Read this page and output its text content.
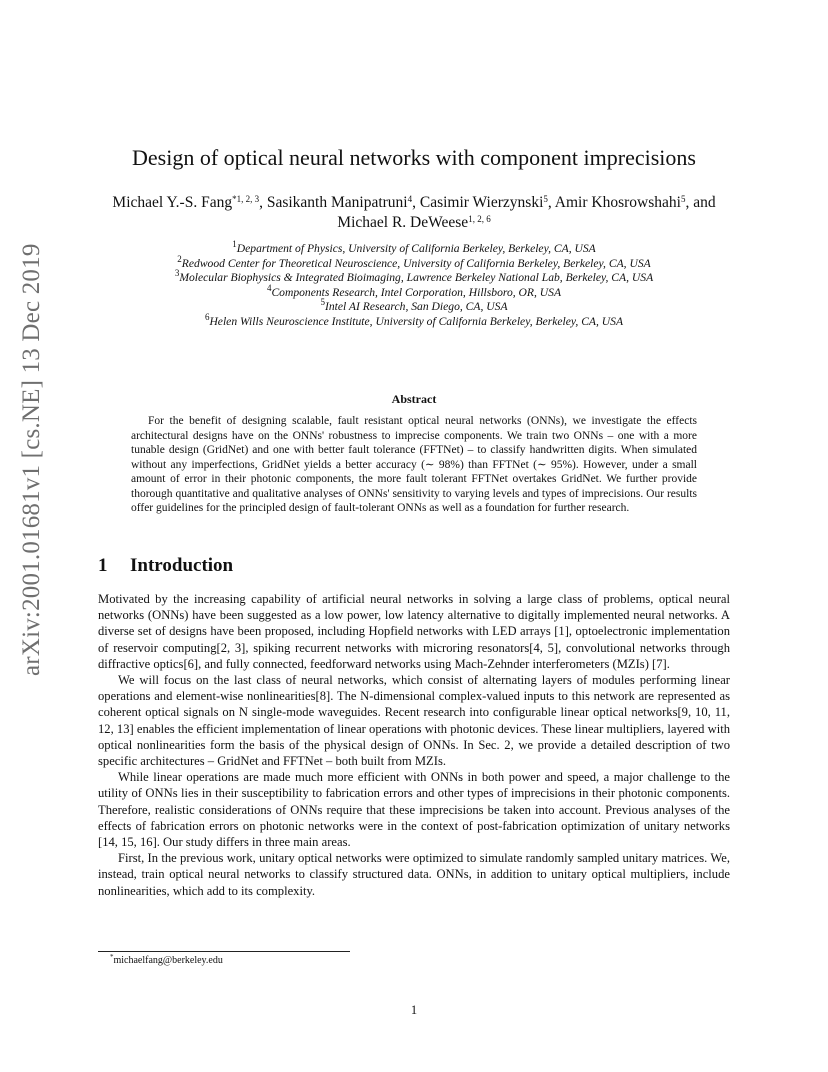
arXiv:2001.01681v1 [cs.NE] 13 Dec 2019
Design of optical neural networks with component imprecisions
Michael Y.-S. Fang$^{*1, 2, 3}$, Sasikanth Manipatruni$^4$, Casimir Wierzynski$^5$, Amir Khosrowshahi$^5$, and Michael R. DeWeese$^{1, 2, 6}$
$^1$Department of Physics, University of California Berkeley, Berkeley, CA, USA
$^2$Redwood Center for Theoretical Neuroscience, University of California Berkeley, Berkeley, CA, USA
$^3$Molecular Biophysics & Integrated Bioimaging, Lawrence Berkeley National Lab, Berkeley, CA, USA
$^4$Components Research, Intel Corporation, Hillsboro, OR, USA
$^5$Intel AI Research, San Diego, CA, USA
$^6$Helen Wills Neuroscience Institute, University of California Berkeley, Berkeley, CA, USA
Abstract

For the benefit of designing scalable, fault resistant optical neural networks (ONNs), we investigate the effects architectural designs have on the ONNs' robustness to imprecise components. We train two ONNs – one with a more tunable design (GridNet) and one with better fault tolerance (FFTNet) – to classify handwritten digits. When simulated without any imperfections, GridNet yields a better accuracy (∼ 98%) than FFTNet (∼ 95%). However, under a small amount of error in their photonic components, the more fault tolerant FFTNet overtakes GridNet. We further provide thorough quantitative and qualitative analyses of ONNs' sensitivity to varying levels and types of imprecisions. Our results offer guidelines for the principled design of fault-tolerant ONNs as well as a foundation for further research.

1 Introduction

Motivated by the increasing capability of artificial neural networks in solving a large class of problems, optical neural networks (ONNs) have been suggested as a low power, low latency alternative to digitally implemented neural networks. A diverse set of designs have been proposed, including Hopfield networks with LED arrays [1], optoelectronic implementation of reservoir computing[2, 3], spiking recurrent networks with microring resonators[4, 5], convolutional networks through diffractive optics[6], and fully connected, feedforward networks using Mach-Zehnder interferometers (MZIs) [7].

We will focus on the last class of neural networks, which consist of alternating layers of modules performing linear operations and element-wise nonlinearities[8]. The N-dimensional complex-valued inputs to this network are represented as coherent optical signals on N single-mode waveguides. Recent research into configurable linear optical networks[9, 10, 11, 12, 13] enables the efficient implementation of linear operations with photonic devices. These linear multipliers, layered with optical nonlinearities form the basis of the physical design of ONNs. In Sec. 2, we provide a detailed description of two specific architectures – GridNet and FFTNet – both built from MZIs.

While linear operations are made much more efficient with ONNs in both power and speed, a major challenge to the utility of ONNs lies in their susceptibility to fabrication errors and other types of imprecisions in their photonic components. Therefore, realistic considerations of ONNs require that these imprecisions be taken into account. Previous analyses of the effects of fabrication errors on photonic networks were in the context of post-fabrication optimization of unitary networks [14, 15, 16]. Our study differs in three main areas.

First, In the previous work, unitary optical networks were optimized to simulate randomly sampled unitary matrices. We, instead, train optical neural networks to classify structured data. ONNs, in addition to unitary optical multipliers, include nonlinearities, which add to its complexity.

*michaelfang@berkeley.edu
1
